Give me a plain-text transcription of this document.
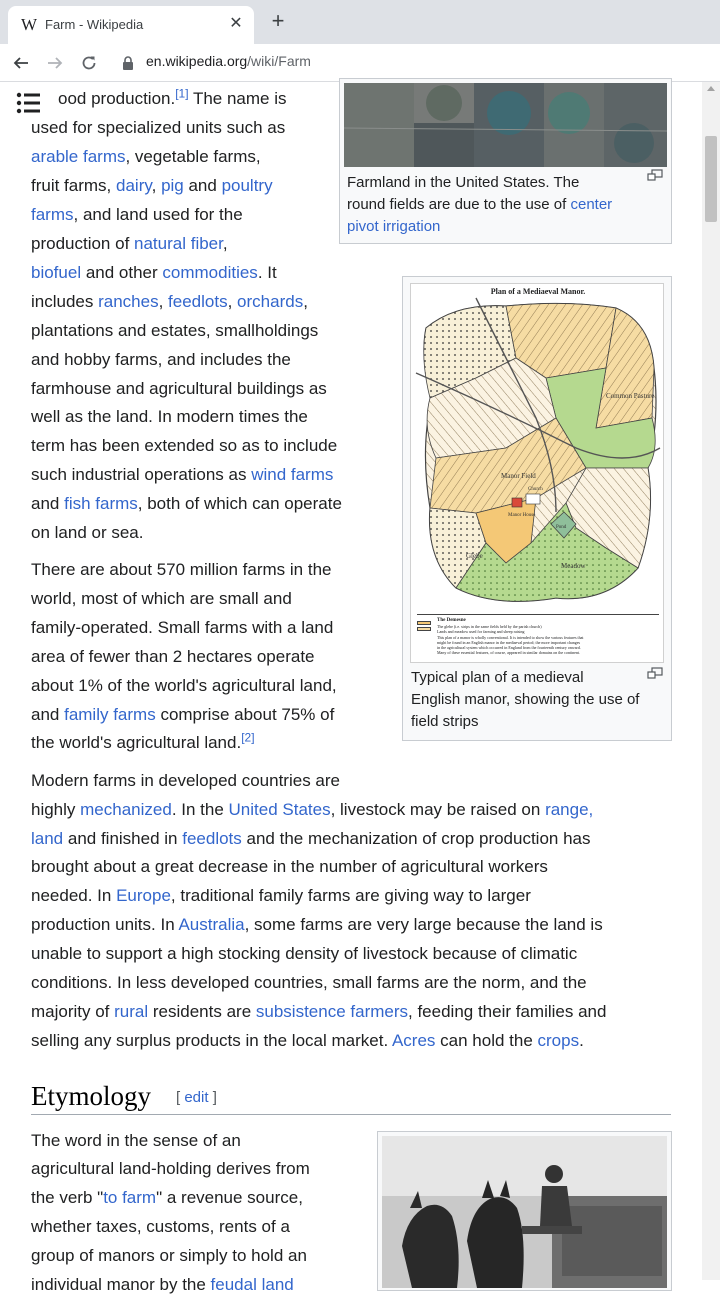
W Farm - Wikipedia	✕ +
en.wikipedia.org/wiki/Farm
ood production.[1] The name is
used for specialized units such as
arable farms, vegetable farms,
fruit farms, dairy, pig and poultry
farms, and land used for the
production of natural fiber,
biofuel and other commodities. It
includes ranches, feedlots, orchards,
plantations and estates, smallholdings
and hobby farms, and includes the
farmhouse and agricultural buildings as
well as the land. In modern times the
term has been extended so as to include
such industrial operations as wind farms
and fish farms, both of which can operate
on land or sea.
There are about 570 million farms in the
world, most of which are small and
family-operated. Small farms with a land
area of fewer than 2 hectares operate
about 1% of the world's agricultural land,
and family farms comprise about 75% of
the world's agricultural land.[2]
Modern farms in developed countries are
highly mechanized. In the United States, livestock may be raised on range,
land and finished in feedlots and the mechanization of crop production has
brought about a great decrease in the number of agricultural workers
needed. In Europe, traditional family farms are giving way to larger
production units. In Australia, some farms are very large because the land is
unable to support a high stocking density of livestock because of climatic
conditions. In less developed countries, small farms are the norm, and the
majority of rural residents are subsistence farmers, feeding their families and
selling any surplus products in the local market. Acres can hold the crops.
Farmland in the United States. The
round fields are due to the use of center
pivot irrigation
Plan of a Mediaeval Manor.
Common Pasture
Manor Field
Church
Manor House
Pond
Glebe
Meadow
The Demesne
The glebe (i.e. strips in the same fields held by the parish church)
Lands and meadow used for farming and sheep raising
This plan of a manor is wholly conventional. It is intended to show the various features that
might be found in an English manor in the mediaeval period; the more important changes
in the agricultural system which occurred in England from the fourteenth century onward.
Many of these essential features, of course, appeared in similar domains on the continent.
Typical plan of a medieval
English manor, showing the use of
field strips
Etymology [ edit ]
The word in the sense of an
agricultural land-holding derives from
the verb "to farm" a revenue source,
whether taxes, customs, rents of a
group of manors or simply to hold an
individual manor by the feudal land
